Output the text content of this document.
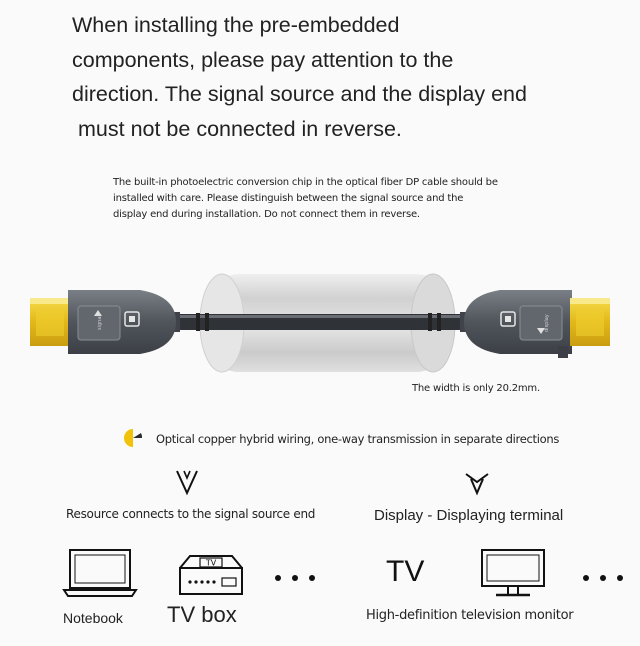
When installing the pre-embedded
components, please pay attention to the
direction. The signal source and the display end
must not be connected in reverse.
The built-in photoelectric conversion chip in the optical fiber DP cable should be
installed with care. Please distinguish between the signal source and the
display end during installation. Do not connect them in reverse.
signal	display
The width is only 20.2mm.
Optical copper hybrid wiring, one-way transmission in separate directions
Resource connects to the signal source end	Display - Displaying terminal
Notebook
TV
TV box
TV
High-definition television monitor
